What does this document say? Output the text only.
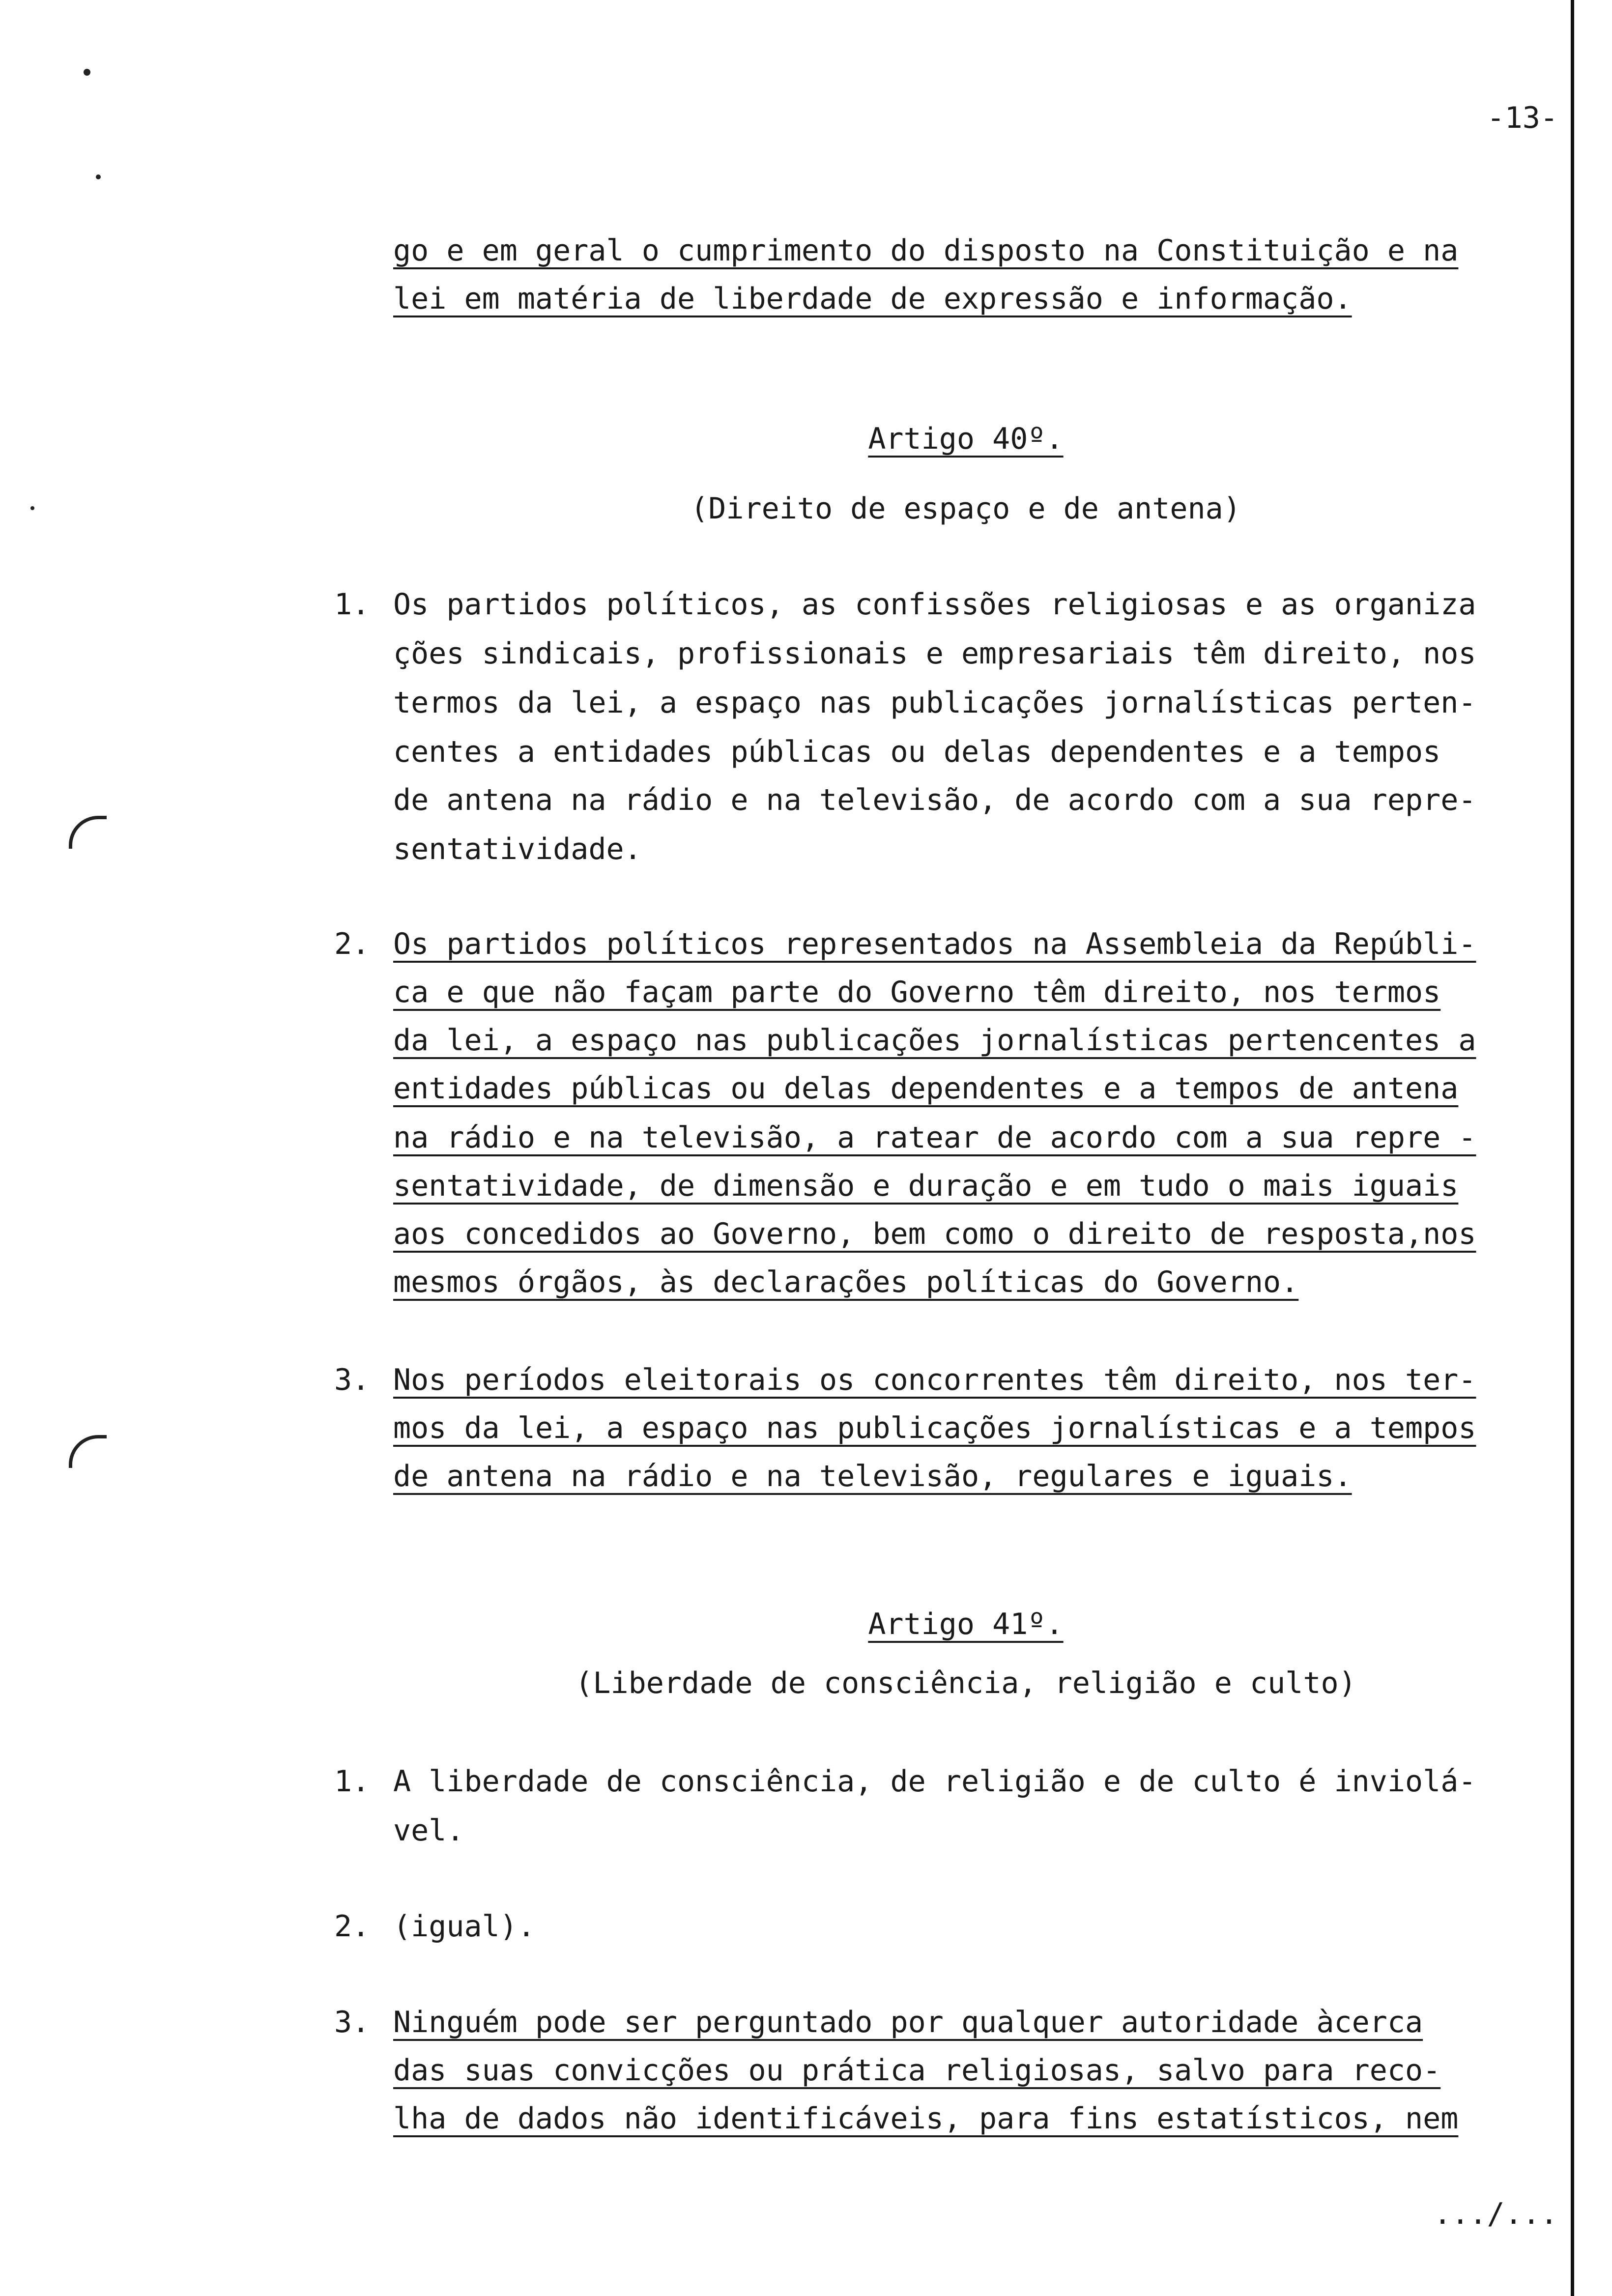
-13-
go e em geral o cumprimento do disposto na Constituição e na
lei em matéria de liberdade de expressão e informação.
Artigo 40º.
(Direito de espaço e de antena)
1. Os partidos políticos, as confissões religiosas e as organiza
ções sindicais, profissionais e empresariais têm direito, nos
termos da lei, a espaço nas publicações jornalísticas perten-
centes a entidades públicas ou delas dependentes e a tempos
de antena na rádio e na televisão, de acordo com a sua repre-
sentatividade.
2. Os partidos políticos representados na Assembleia da Repúbli-
ca e que não façam parte do Governo têm direito, nos termos
da lei, a espaço nas publicações jornalísticas pertencentes a
entidades públicas ou delas dependentes e a tempos de antena
na rádio e na televisão, a ratear de acordo com a sua repre -
sentatividade, de dimensão e duração e em tudo o mais iguais
aos concedidos ao Governo, bem como o direito de resposta,nos
mesmos órgãos, às declarações políticas do Governo.
3. Nos períodos eleitorais os concorrentes têm direito, nos ter-
mos da lei, a espaço nas publicações jornalísticas e a tempos
de antena na rádio e na televisão, regulares e iguais.
Artigo 41º.
(Liberdade de consciência, religião e culto)
1. A liberdade de consciência, de religião e de culto é inviolá-
vel.
2. (igual).
3. Ninguém pode ser perguntado por qualquer autoridade àcerca
das suas convicções ou prática religiosas, salvo para reco-
lha de dados não identificáveis, para fins estatísticos, nem
.../...
